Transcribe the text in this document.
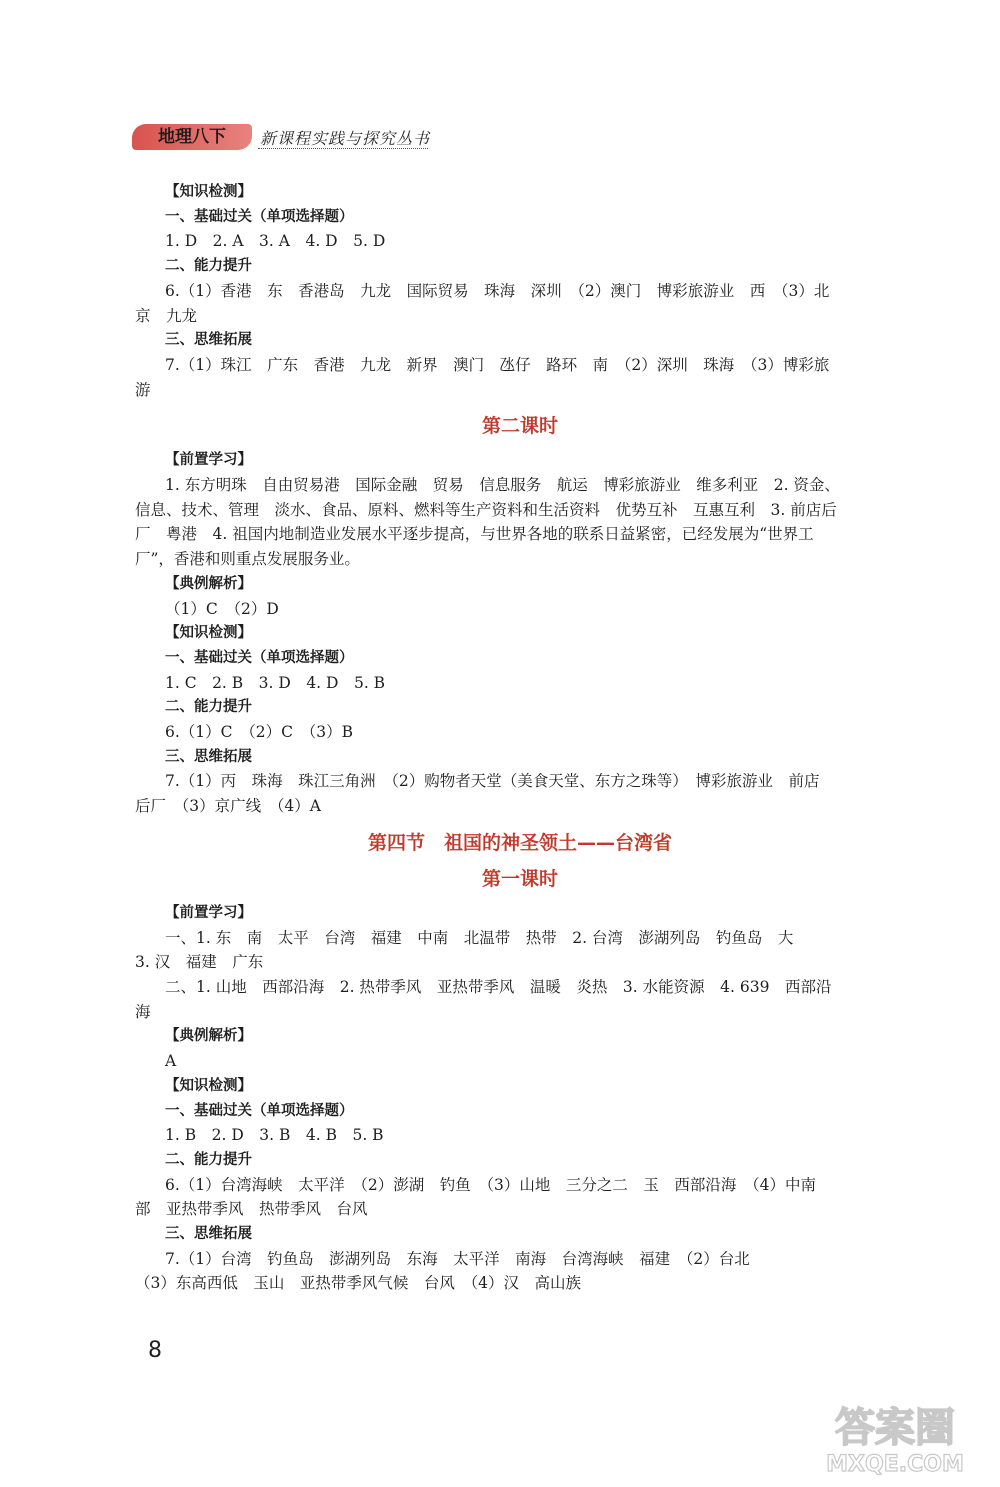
地理八下	新课程实践与探究丛书
【知识检测】
一、基础过关（单项选择题）
1. D　2. A　3. A　4. D　5. D
二、能力提升
6.（1）香港　东　香港岛　九龙　国际贸易　珠海　深圳　（2）澳门　博彩旅游业　西　（3）北
京　九龙
三、思维拓展
7.（1）珠江　广东　香港　九龙　新界　澳门　氹仔　路环　南　（2）深圳　珠海　（3）博彩旅
游
第二课时
【前置学习】
1. 东方明珠　自由贸易港　国际金融　贸易　信息服务　航运　博彩旅游业　维多利亚　2. 资金、
信息、技术、管理　淡水、食品、原料、燃料等生产资料和生活资料　优势互补　互惠互利　3. 前店后
厂　粤港　4. 祖国内地制造业发展水平逐步提高，与世界各地的联系日益紧密，已经发展为“世界工
厂”，香港和则重点发展服务业。
【典例解析】
（1）C　（2）D
【知识检测】
一、基础过关（单项选择题）
1. C　2. B　3. D　4. D　5. B
二、能力提升
6.（1）C　（2）C　（3）B
三、思维拓展
7.（1）丙　珠海　珠江三角洲　（2）购物者天堂（美食天堂、东方之珠等）　博彩旅游业　前店
后厂　（3）京广线　（4）A
第四节　祖国的神圣领土——台湾省
第一课时
【前置学习】
一、1. 东　南　太平　台湾　福建　中南　北温带　热带　2. 台湾　澎湖列岛　钓鱼岛　大
3. 汉　福建　广东
二、1. 山地　西部沿海　2. 热带季风　亚热带季风　温暖　炎热　3. 水能资源　4. 639　西部沿
海
【典例解析】
A
【知识检测】
一、基础过关（单项选择题）
1. B　2. D　3. B　4. B　5. B
二、能力提升
6.（1）台湾海峡　太平洋　（2）澎湖　钓鱼　（3）山地　三分之二　玉　西部沿海　（4）中南
部　亚热带季风　热带季风　台风
三、思维拓展
7.（1）台湾　钓鱼岛　澎湖列岛　东海　太平洋　南海　台湾海峡　福建　（2）台北
（3）东高西低　玉山　亚热带季风气候　台风　（4）汉　高山族
8
答案圈
MXQE.COM
